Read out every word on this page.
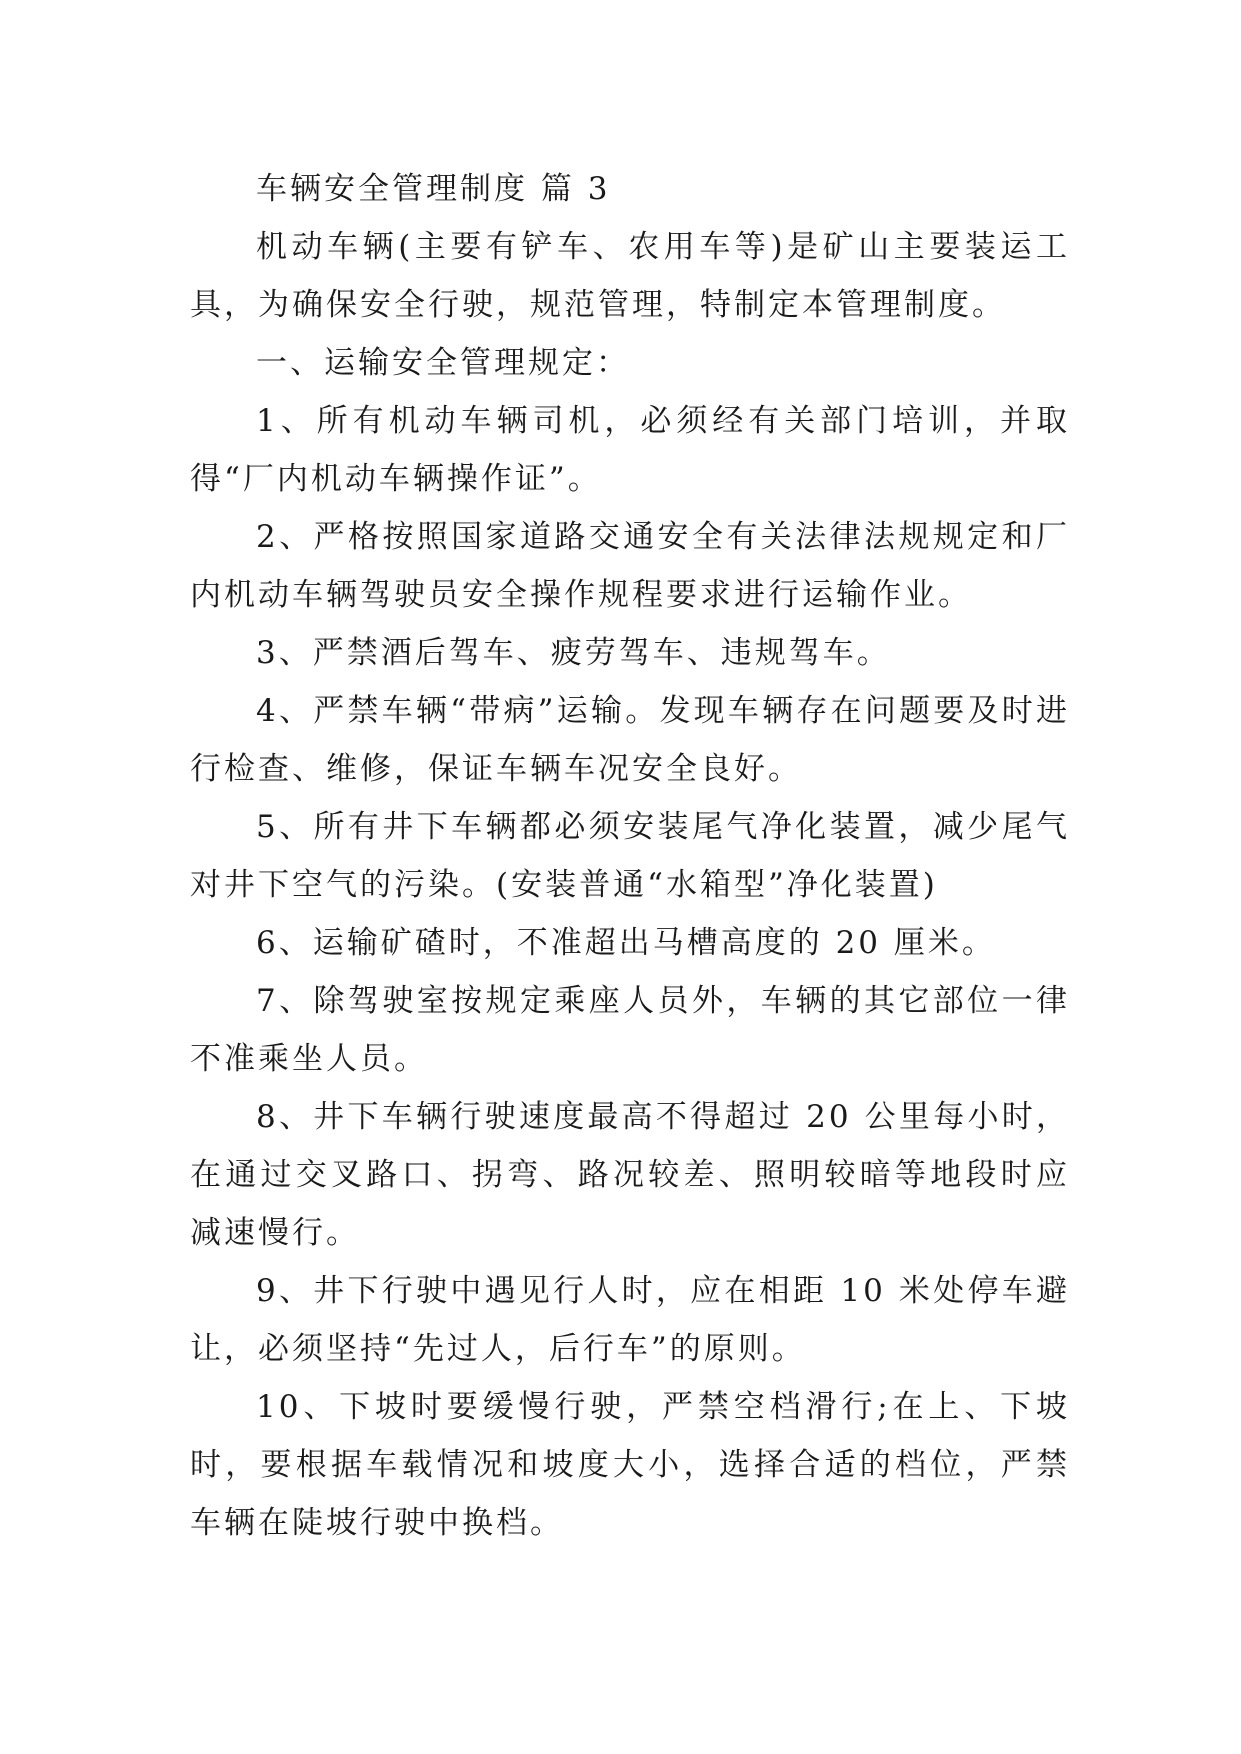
车辆安全管理制度 篇 3

机动车辆(主要有铲车、农用车等)是矿山主要装运工具，为确保安全行驶，规范管理，特制定本管理制度。

一、运输安全管理规定：

1、所有机动车辆司机，必须经有关部门培训，并取得“厂内机动车辆操作证”。

2、严格按照国家道路交通安全有关法律法规规定和厂内机动车辆驾驶员安全操作规程要求进行运输作业。

3、严禁酒后驾车、疲劳驾车、违规驾车。

4、严禁车辆“带病”运输。发现车辆存在问题要及时进行检查、维修，保证车辆车况安全良好。

5、所有井下车辆都必须安装尾气净化装置，减少尾气对井下空气的污染。(安装普通“水箱型”净化装置)

6、运输矿碴时，不准超出马槽高度的 20 厘米。

7、除驾驶室按规定乘座人员外，车辆的其它部位一律不准乘坐人员。

8、井下车辆行驶速度最高不得超过 20 公里每小时，在通过交叉路口、拐弯、路况较差、照明较暗等地段时应减速慢行。

9、井下行驶中遇见行人时，应在相距 10 米处停车避让，必须坚持“先过人，后行车”的原则。

10、下坡时要缓慢行驶，严禁空档滑行;在上、下坡时，要根据车载情况和坡度大小，选择合适的档位，严禁车辆在陡坡行驶中换档。
